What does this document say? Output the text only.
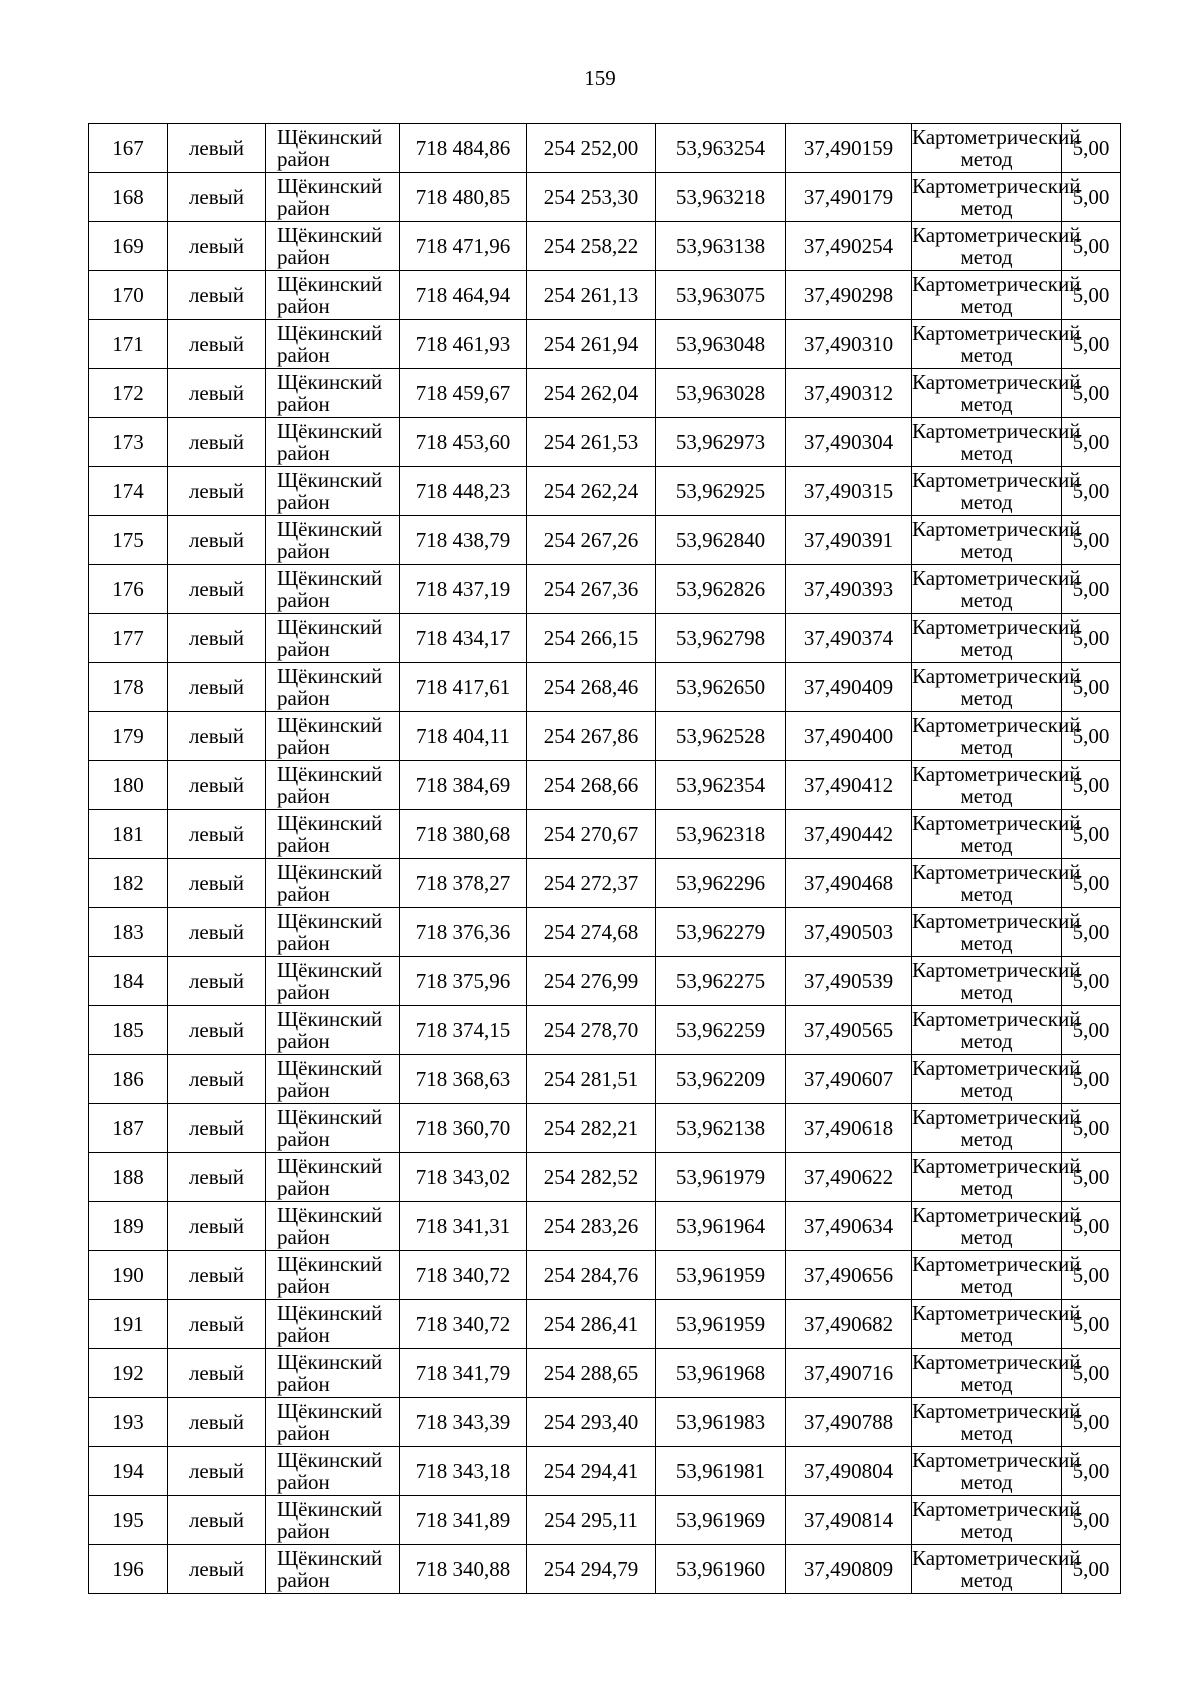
159
167	левый	Щёкинский район	718 484,86	254 252,00	53,963254	37,490159	Картометрический метод	5,00
168	левый	Щёкинский район	718 480,85	254 253,30	53,963218	37,490179	Картометрический метод	5,00
169	левый	Щёкинский район	718 471,96	254 258,22	53,963138	37,490254	Картометрический метод	5,00
170	левый	Щёкинский район	718 464,94	254 261,13	53,963075	37,490298	Картометрический метод	5,00
171	левый	Щёкинский район	718 461,93	254 261,94	53,963048	37,490310	Картометрический метод	5,00
172	левый	Щёкинский район	718 459,67	254 262,04	53,963028	37,490312	Картометрический метод	5,00
173	левый	Щёкинский район	718 453,60	254 261,53	53,962973	37,490304	Картометрический метод	5,00
174	левый	Щёкинский район	718 448,23	254 262,24	53,962925	37,490315	Картометрический метод	5,00
175	левый	Щёкинский район	718 438,79	254 267,26	53,962840	37,490391	Картометрический метод	5,00
176	левый	Щёкинский район	718 437,19	254 267,36	53,962826	37,490393	Картометрический метод	5,00
177	левый	Щёкинский район	718 434,17	254 266,15	53,962798	37,490374	Картометрический метод	5,00
178	левый	Щёкинский район	718 417,61	254 268,46	53,962650	37,490409	Картометрический метод	5,00
179	левый	Щёкинский район	718 404,11	254 267,86	53,962528	37,490400	Картометрический метод	5,00
180	левый	Щёкинский район	718 384,69	254 268,66	53,962354	37,490412	Картометрический метод	5,00
181	левый	Щёкинский район	718 380,68	254 270,67	53,962318	37,490442	Картометрический метод	5,00
182	левый	Щёкинский район	718 378,27	254 272,37	53,962296	37,490468	Картометрический метод	5,00
183	левый	Щёкинский район	718 376,36	254 274,68	53,962279	37,490503	Картометрический метод	5,00
184	левый	Щёкинский район	718 375,96	254 276,99	53,962275	37,490539	Картометрический метод	5,00
185	левый	Щёкинский район	718 374,15	254 278,70	53,962259	37,490565	Картометрический метод	5,00
186	левый	Щёкинский район	718 368,63	254 281,51	53,962209	37,490607	Картометрический метод	5,00
187	левый	Щёкинский район	718 360,70	254 282,21	53,962138	37,490618	Картометрический метод	5,00
188	левый	Щёкинский район	718 343,02	254 282,52	53,961979	37,490622	Картометрический метод	5,00
189	левый	Щёкинский район	718 341,31	254 283,26	53,961964	37,490634	Картометрический метод	5,00
190	левый	Щёкинский район	718 340,72	254 284,76	53,961959	37,490656	Картометрический метод	5,00
191	левый	Щёкинский район	718 340,72	254 286,41	53,961959	37,490682	Картометрический метод	5,00
192	левый	Щёкинский район	718 341,79	254 288,65	53,961968	37,490716	Картометрический метод	5,00
193	левый	Щёкинский район	718 343,39	254 293,40	53,961983	37,490788	Картометрический метод	5,00
194	левый	Щёкинский район	718 343,18	254 294,41	53,961981	37,490804	Картометрический метод	5,00
195	левый	Щёкинский район	718 341,89	254 295,11	53,961969	37,490814	Картометрический метод	5,00
196	левый	Щёкинский район	718 340,88	254 294,79	53,961960	37,490809	Картометрический метод	5,00
